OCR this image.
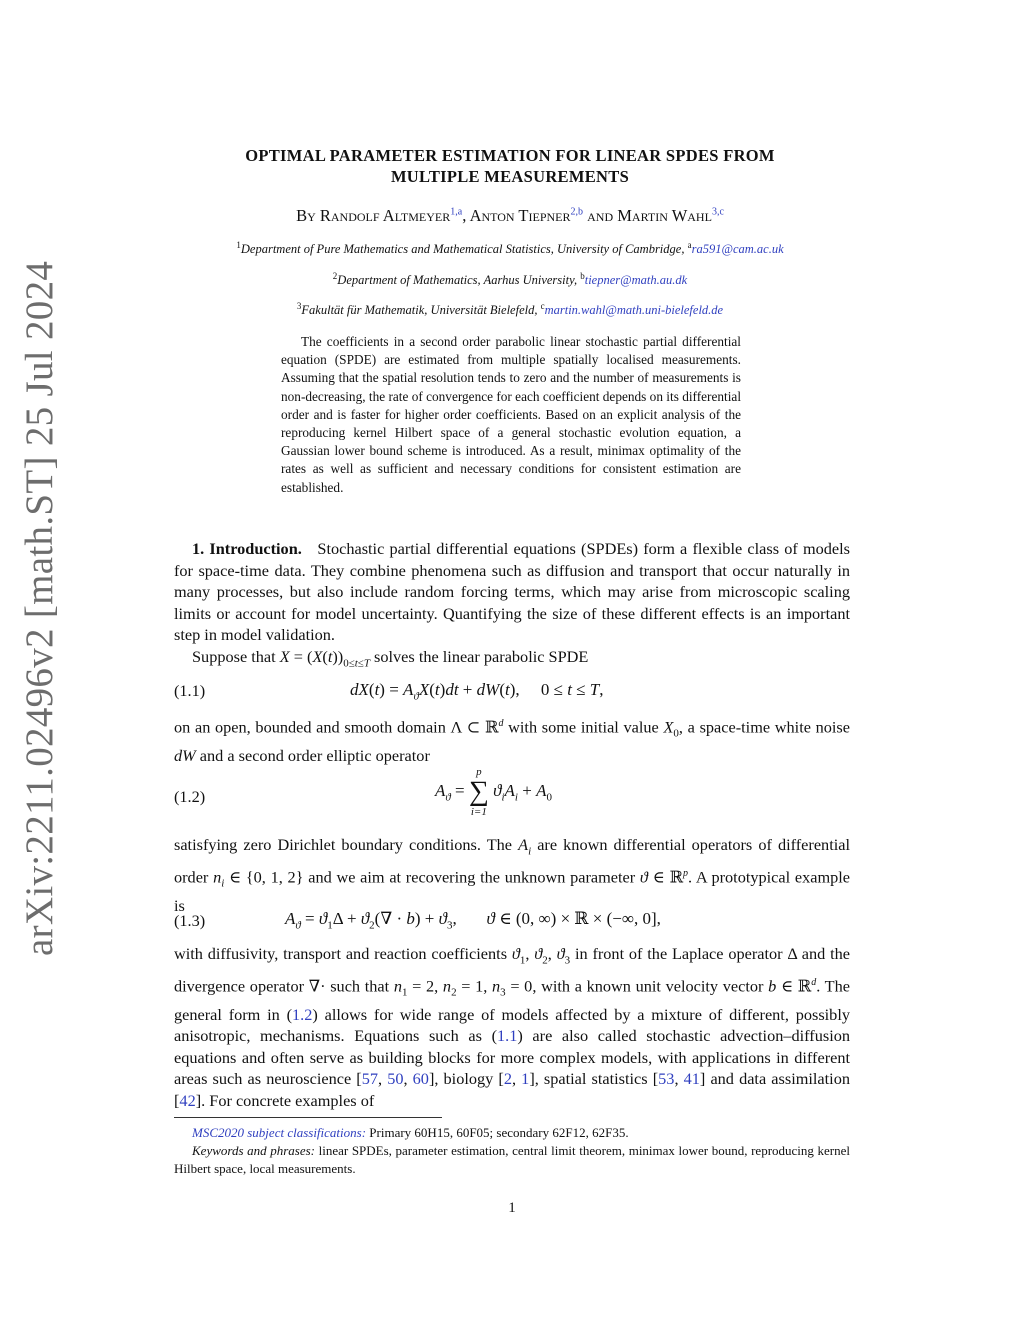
arXiv:2211.02496v2 [math.ST] 25 Jul 2024
OPTIMAL PARAMETER ESTIMATION FOR LINEAR SPDES FROM
MULTIPLE MEASUREMENTS
By Randolf Altmeyer$^{1,a}$, Anton Tiepner$^{2,b}$ and Martin Wahl$^{3,c}$
$^1$Department of Pure Mathematics and Mathematical Statistics, University of Cambridge, $^a$ra591@cam.ac.uk
$^2$Department of Mathematics, Aarhus University, $^b$tiepner@math.au.dk
$^3$Fakultät für Mathematik, Universität Bielefeld, $^c$martin.wahl@math.uni-bielefeld.de
The coefficients in a second order parabolic linear stochastic partial differential equation (SPDE) are estimated from multiple spatially localised measurements. Assuming that the spatial resolution tends to zero and the number of measurements is non-decreasing, the rate of convergence for each coefficient depends on its differential order and is faster for higher order coefficients. Based on an explicit analysis of the reproducing kernel Hilbert space of a general stochastic evolution equation, a Gaussian lower bound scheme is introduced. As a result, minimax optimality of the rates as well as sufficient and necessary conditions for consistent estimation are established.

1. Introduction. Stochastic partial differential equations (SPDEs) form a flexible class of models for space-time data. They combine phenomena such as diffusion and transport that occur naturally in many processes, but also include random forcing terms, which may arise from microscopic scaling limits or account for model uncertainty. Quantifying the size of these different effects is an important step in model validation.

Suppose that $X = (X(t))_{0\le t\le T}$ solves the linear parabolic SPDE

(1.1)	$dX(t) = A_ϑX(t)dt + dW(t)$,     0 ≤ t ≤ T,
on an open, bounded and smooth domain Λ ⊂ ℝ$^d$ with some initial value $X_0$, a space-time white noise dW and a second order elliptic operator
(1.2)	$A_ϑ$ =
p
∑
i=1
$ϑ_iA_i + A_0$
satisfying zero Dirichlet boundary conditions. The $A_i$ are known differential operators of differential order $n_i$ ∈ {0, 1, 2} and we aim at recovering the unknown parameter ϑ ∈ ℝ$^p$. A prototypical example is
(1.3)	$A_ϑ = ϑ_1\Delta + ϑ_2(\nabla \cdot b) + ϑ_3$,       ϑ ∈ (0, ∞) × ℝ × (−∞, 0],
with diffusivity, transport and reaction coefficients $ϑ_1$, $ϑ_2$, $ϑ_3$ in front of the Laplace operator Δ and the divergence operator ∇· such that $n_1 = 2$, $n_2 = 1$, $n_3 = 0$, with a known unit velocity vector b ∈ ℝ$^d$. The general form in (1.2) allows for wide range of models affected by a mixture of different, possibly anisotropic, mechanisms. Equations such as (1.1) are also called stochastic advection–diffusion equations and often serve as building blocks for more complex models, with applications in different areas such as neuroscience [57, 50, 60], biology [2, 1], spatial statistics [53, 41] and data assimilation [42]. For concrete examples of
MSC2020 subject classifications: Primary 60H15, 60F05; secondary 62F12, 62F35.
Keywords and phrases: linear SPDEs, parameter estimation, central limit theorem, minimax lower bound, reproducing kernel Hilbert space, local measurements.
1
